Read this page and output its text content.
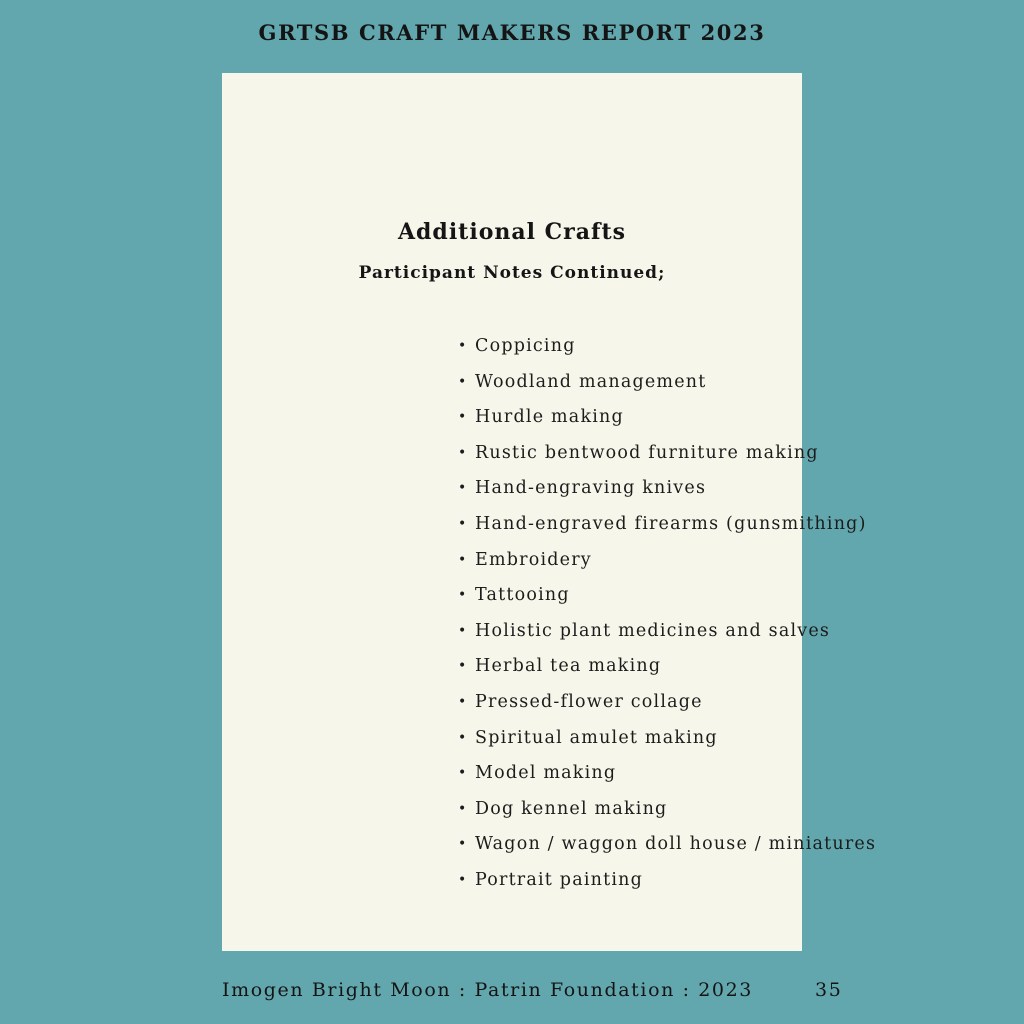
GRTSB CRAFT MAKERS REPORT 2023
Additional Crafts
Participant Notes Continued;
• Coppicing
• Woodland management
• Hurdle making
• Rustic bentwood furniture making
• Hand-engraving knives
• Hand-engraved firearms (gunsmithing)
• Embroidery
• Tattooing
• Holistic plant medicines and salves
• Herbal tea making
• Pressed-flower collage
• Spiritual amulet making
• Model making
• Dog kennel making
• Wagon / waggon doll house / miniatures
• Portrait painting
Imogen Bright Moon : Patrin Foundation : 2023	35
